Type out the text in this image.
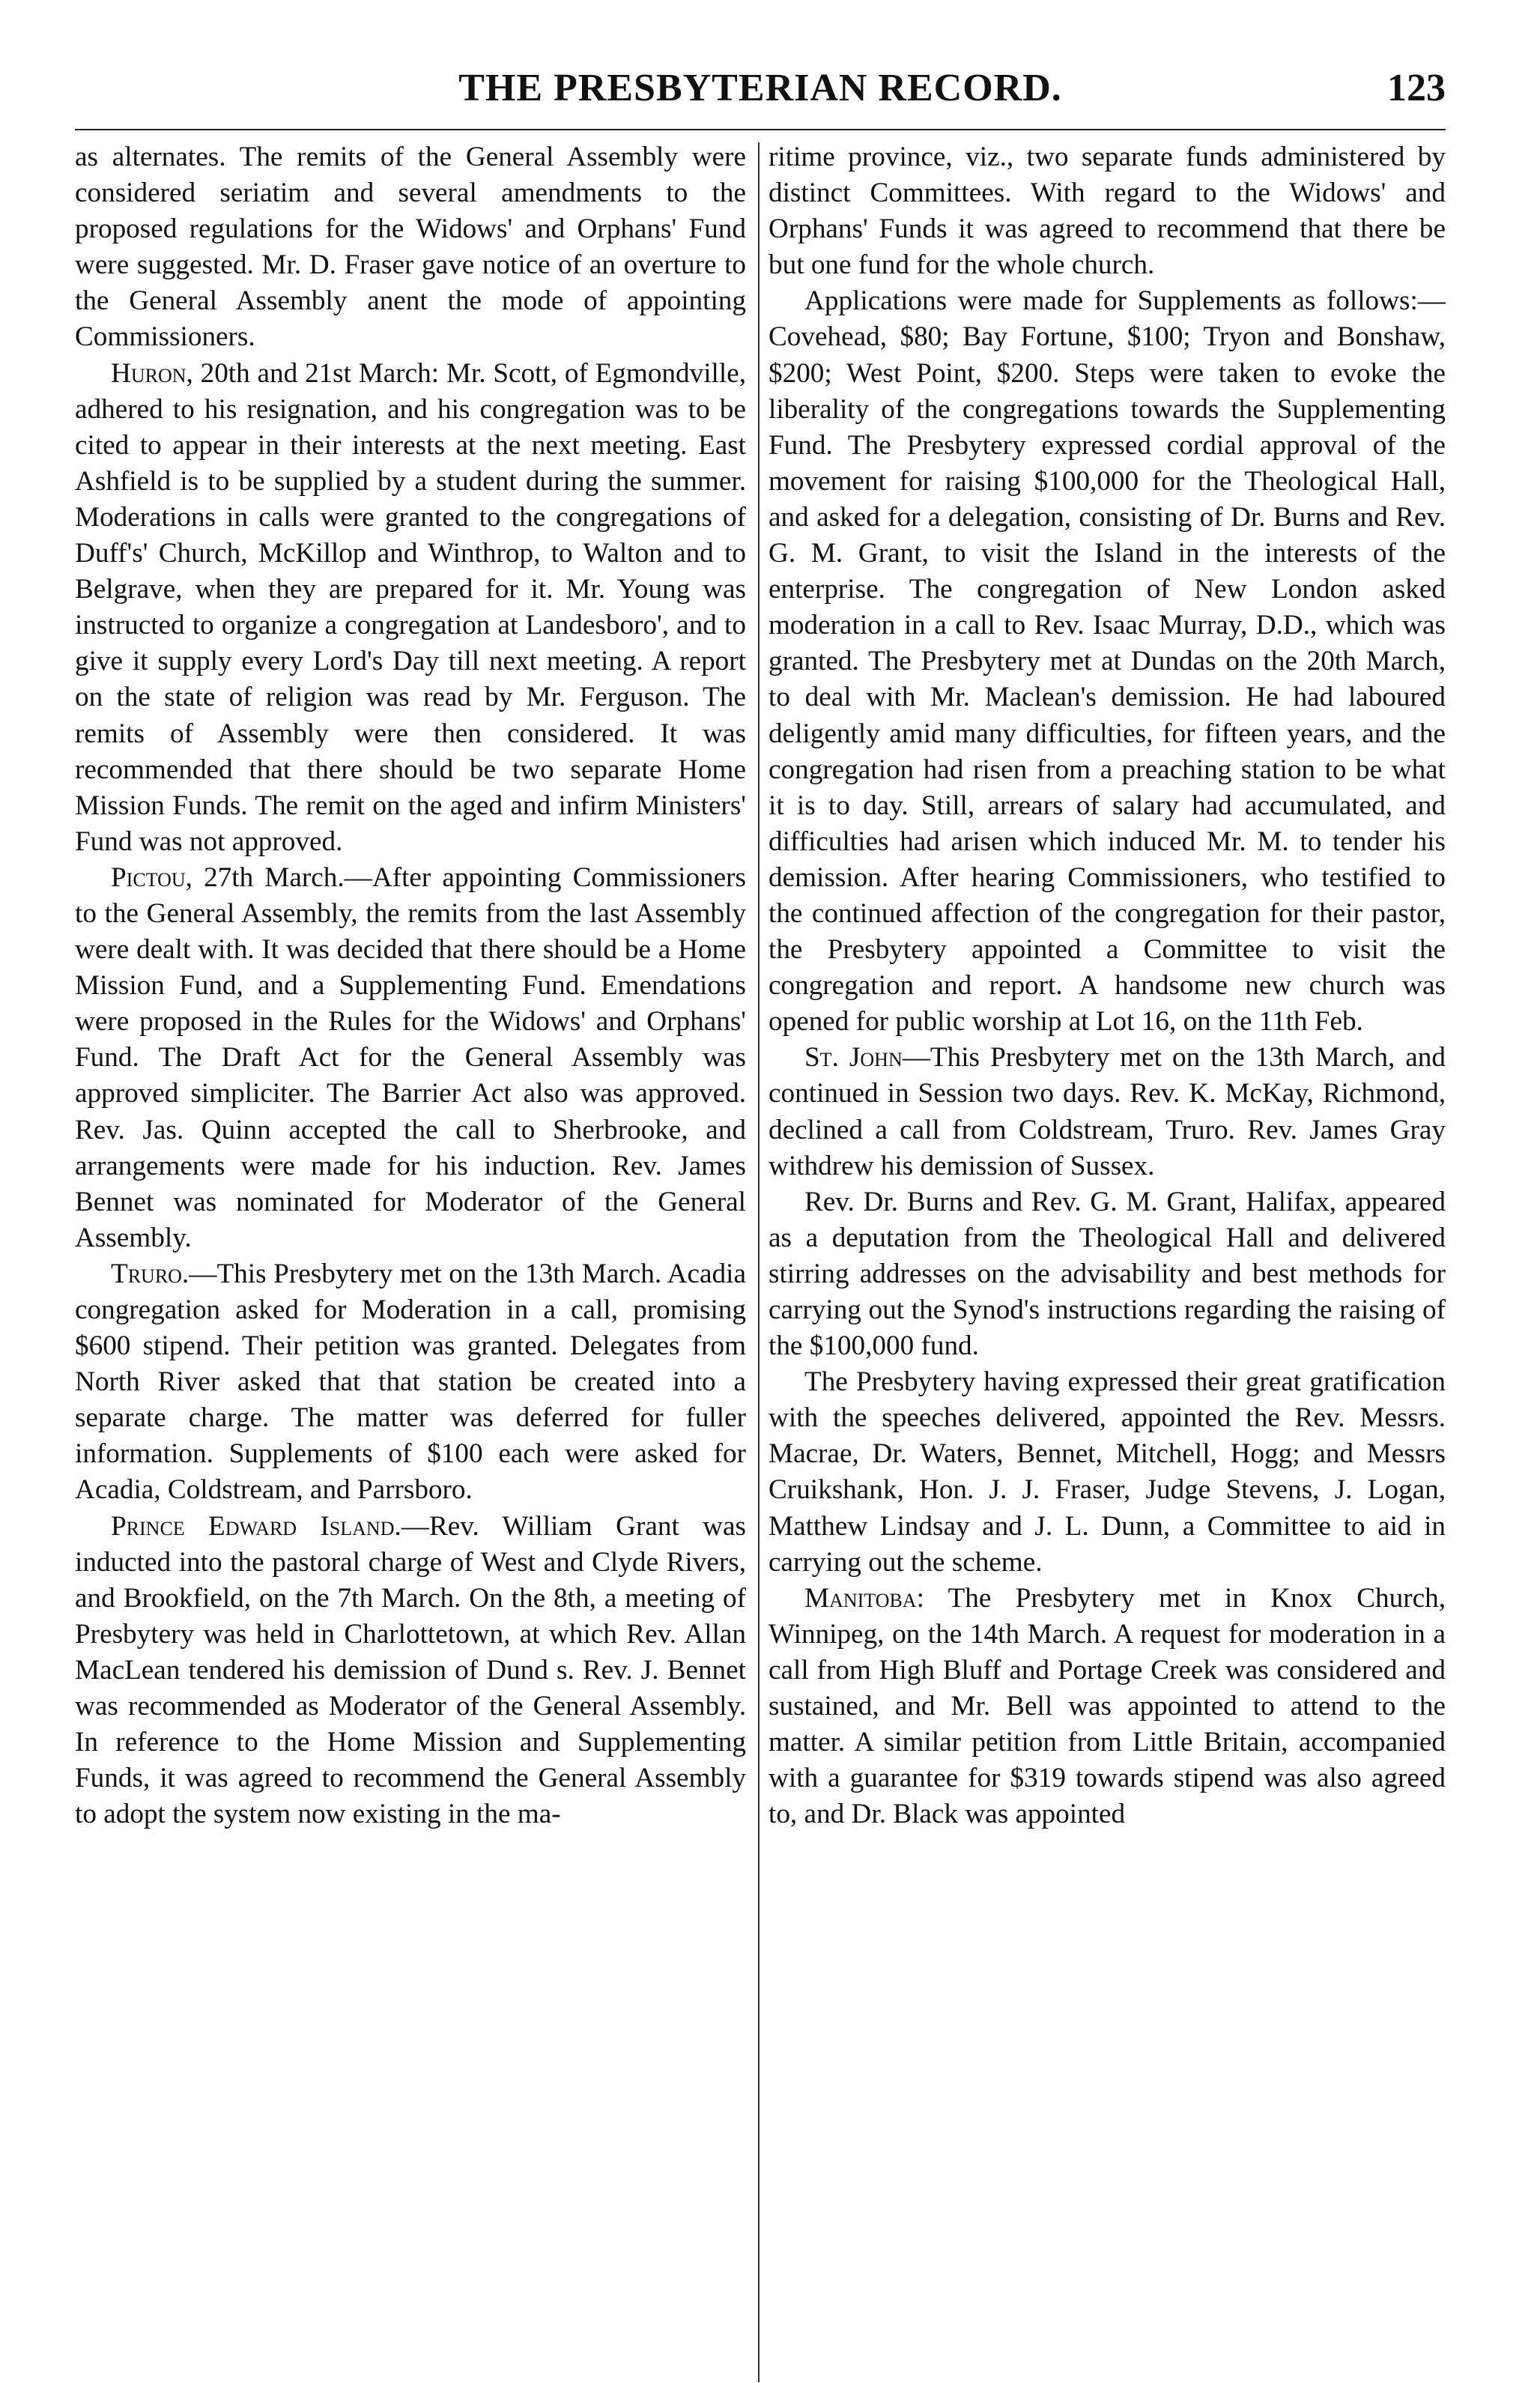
THE PRESBYTERIAN RECORD.	123

as alternates. The remits of the General Assembly were considered seriatim and several amendments to the proposed regulations for the Widows' and Orphans' Fund were suggested. Mr. D. Fraser gave notice of an overture to the General Assembly anent the mode of appointing Commissioners.

Huron, 20th and 21st March: Mr. Scott, of Egmondville, adhered to his resignation, and his congregation was to be cited to appear in their interests at the next meeting. East Ashfield is to be supplied by a student during the summer. Moderations in calls were granted to the congregations of Duff's' Church, McKillop and Winthrop, to Walton and to Belgrave, when they are prepared for it. Mr. Young was instructed to organize a congregation at Landesboro', and to give it supply every Lord's Day till next meeting. A report on the state of religion was read by Mr. Ferguson. The remits of Assembly were then considered. It was recommended that there should be two separate Home Mission Funds. The remit on the aged and infirm Ministers' Fund was not approved.

Pictou, 27th March.—After appointing Commissioners to the General Assembly, the remits from the last Assembly were dealt with. It was decided that there should be a Home Mission Fund, and a Supplementing Fund. Emendations were proposed in the Rules for the Widows' and Orphans' Fund. The Draft Act for the General Assembly was approved simpliciter. The Barrier Act also was approved. Rev. Jas. Quinn accepted the call to Sherbrooke, and arrangements were made for his induction. Rev. James Bennet was nominated for Moderator of the General Assembly.

Truro.—This Presbytery met on the 13th March. Acadia congregation asked for Moderation in a call, promising $600 stipend. Their petition was granted. Delegates from North River asked that that station be created into a separate charge. The matter was deferred for fuller information. Supplements of $100 each were asked for Acadia, Coldstream, and Parrsboro.

Prince Edward Island.—Rev. William Grant was inducted into the pastoral charge of West and Clyde Rivers, and Brookfield, on the 7th March. On the 8th, a meeting of Presbytery was held in Charlottetown, at which Rev. Allan MacLean tendered his demission of Dund s. Rev. J. Bennet was recommended as Moderator of the General Assembly. In reference to the Home Mission and Supplementing Funds, it was agreed to recommend the General Assembly to adopt the system now existing in the ma-

ritime province, viz., two separate funds administered by distinct Committees. With regard to the Widows' and Orphans' Funds it was agreed to recommend that there be but one fund for the whole church.

Applications were made for Supplements as follows:—Covehead, $80; Bay Fortune, $100; Tryon and Bonshaw, $200; West Point, $200. Steps were taken to evoke the liberality of the congregations towards the Supplementing Fund. The Presbytery expressed cordial approval of the movement for raising $100,000 for the Theological Hall, and asked for a delegation, consisting of Dr. Burns and Rev. G. M. Grant, to visit the Island in the interests of the enterprise. The congregation of New London asked moderation in a call to Rev. Isaac Murray, D.D., which was granted. The Presbytery met at Dundas on the 20th March, to deal with Mr. Maclean's demission. He had laboured deligently amid many difficulties, for fifteen years, and the congregation had risen from a preaching station to be what it is to day. Still, arrears of salary had accumulated, and difficulties had arisen which induced Mr. M. to tender his demission. After hearing Commissioners, who testified to the continued affection of the congregation for their pastor, the Presbytery appointed a Committee to visit the congregation and report. A handsome new church was opened for public worship at Lot 16, on the 11th Feb.

St. John—This Presbytery met on the 13th March, and continued in Session two days. Rev. K. McKay, Richmond, declined a call from Coldstream, Truro. Rev. James Gray withdrew his demission of Sussex.

Rev. Dr. Burns and Rev. G. M. Grant, Halifax, appeared as a deputation from the Theological Hall and delivered stirring addresses on the advisability and best methods for carrying out the Synod's instructions regarding the raising of the $100,000 fund.

The Presbytery having expressed their great gratification with the speeches delivered, appointed the Rev. Messrs. Macrae, Dr. Waters, Bennet, Mitchell, Hogg; and Messrs Cruikshank, Hon. J. J. Fraser, Judge Stevens, J. Logan, Matthew Lindsay and J. L. Dunn, a Committee to aid in carrying out the scheme.

Manitoba: The Presbytery met in Knox Church, Winnipeg, on the 14th March. A request for moderation in a call from High Bluff and Portage Creek was considered and sustained, and Mr. Bell was appointed to attend to the matter. A similar petition from Little Britain, accompanied with a guarantee for $319 towards stipend was also agreed to, and Dr. Black was appointed
